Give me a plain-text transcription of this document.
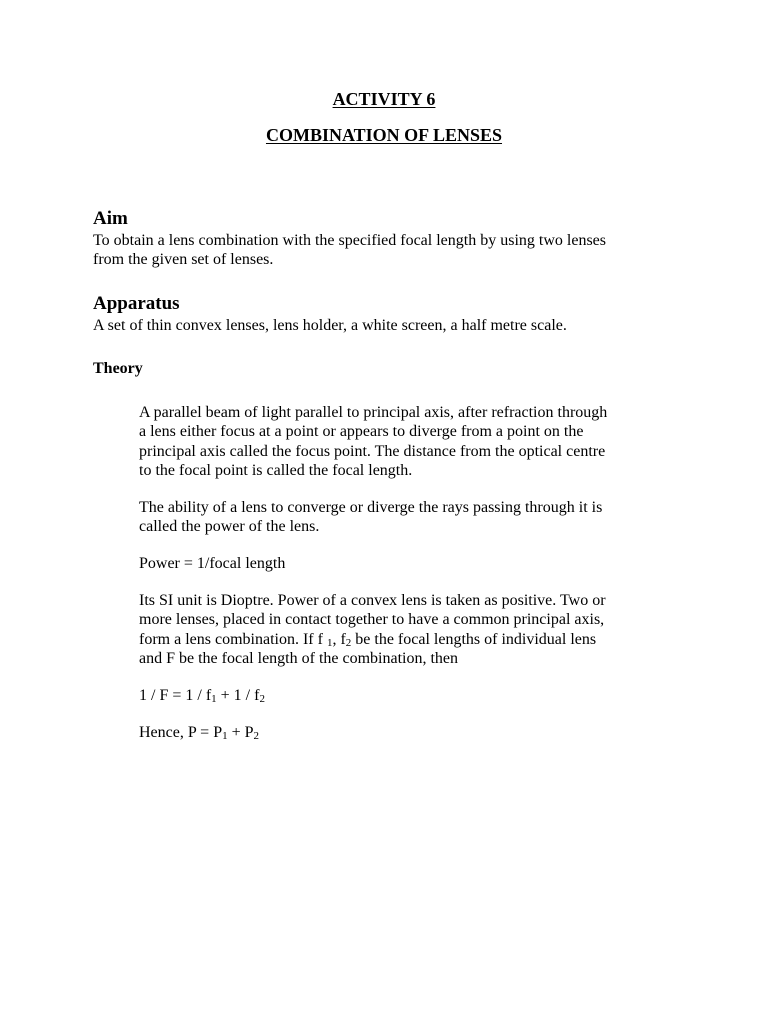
ACTIVITY 6
COMBINATION OF LENSES
Aim
To obtain a lens combination with the specified focal length by using two lenses
from the given set of lenses.
Apparatus
A set of thin convex lenses, lens holder, a white screen, a half metre scale.
Theory
A parallel beam of light parallel to principal axis, after refraction through
a lens either focus at a point or appears to diverge from a point on the
principal axis called the focus point. The distance from the optical centre
to the focal point is called the focal length.
The ability of a lens to converge or diverge the rays passing through it is
called the power of the lens.
Power = 1/focal length
Its SI unit is Dioptre. Power of a convex lens is taken as positive. Two or
more lenses, placed in contact together to have a common principal axis,
form a lens combination. If f $_1$, $f_2$ be the focal lengths of individual lens
and F be the focal length of the combination, then
$1 / F = 1 / f_1 + 1 / f_2$
Hence, $P = P_1 + P_2$
